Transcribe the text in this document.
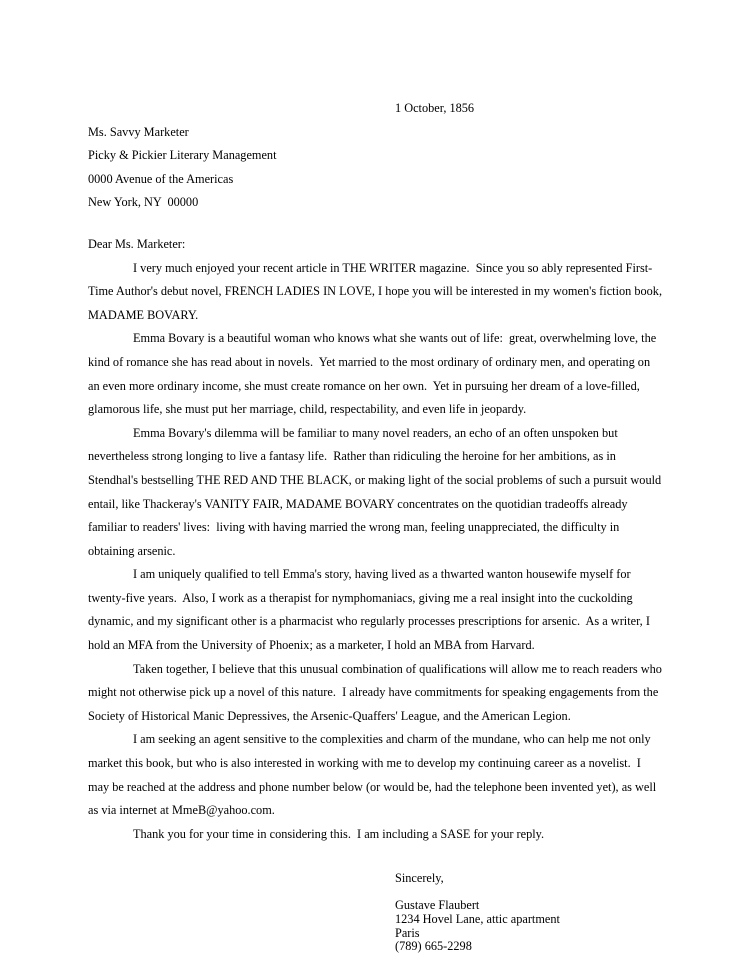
1 October, 1856
Ms. Savvy Marketer
Picky & Pickier Literary Management
0000 Avenue of the Americas
New York, NY  00000
Dear Ms. Marketer:

I very much enjoyed your recent article in THE WRITER magazine.  Since you so ably represented First-Time Author's debut novel, FRENCH LADIES IN LOVE, I hope you will be interested in my women's fiction book, MADAME BOVARY.

Emma Bovary is a beautiful woman who knows what she wants out of life:  great, overwhelming love, the kind of romance she has read about in novels.  Yet married to the most ordinary of ordinary men, and operating on an even more ordinary income, she must create romance on her own.  Yet in pursuing her dream of a love-filled, glamorous life, she must put her marriage, child, respectability, and even life in jeopardy.

Emma Bovary's dilemma will be familiar to many novel readers, an echo of an often unspoken but nevertheless strong longing to live a fantasy life.  Rather than ridiculing the heroine for her ambitions, as in Stendhal's bestselling THE RED AND THE BLACK, or making light of the social problems of such a pursuit would entail, like Thackeray's VANITY FAIR, MADAME BOVARY concentrates on the quotidian tradeoffs already familiar to readers' lives:  living with having married the wrong man, feeling unappreciated, the difficulty in obtaining arsenic.

I am uniquely qualified to tell Emma's story, having lived as a thwarted wanton housewife myself for twenty-five years.  Also, I work as a therapist for nymphomaniacs, giving me a real insight into the cuckolding dynamic, and my significant other is a pharmacist who regularly processes prescriptions for arsenic.  As a writer, I hold an MFA from the University of Phoenix; as a marketer, I hold an MBA from Harvard.

Taken together, I believe that this unusual combination of qualifications will allow me to reach readers who might not otherwise pick up a novel of this nature.  I already have commitments for speaking engagements from the Society of Historical Manic Depressives, the Arsenic-Quaffers' League, and the American Legion.

I am seeking an agent sensitive to the complexities and charm of the mundane, who can help me not only market this book, but who is also interested in working with me to develop my continuing career as a novelist.  I may be reached at the address and phone number below (or would be, had the telephone been invented yet), as well as via internet at MmeB@yahoo.com.

Thank you for your time in considering this.  I am including a SASE for your reply.

Sincerely,
Gustave Flaubert
1234 Hovel Lane, attic apartment
Paris
(789) 665-2298
